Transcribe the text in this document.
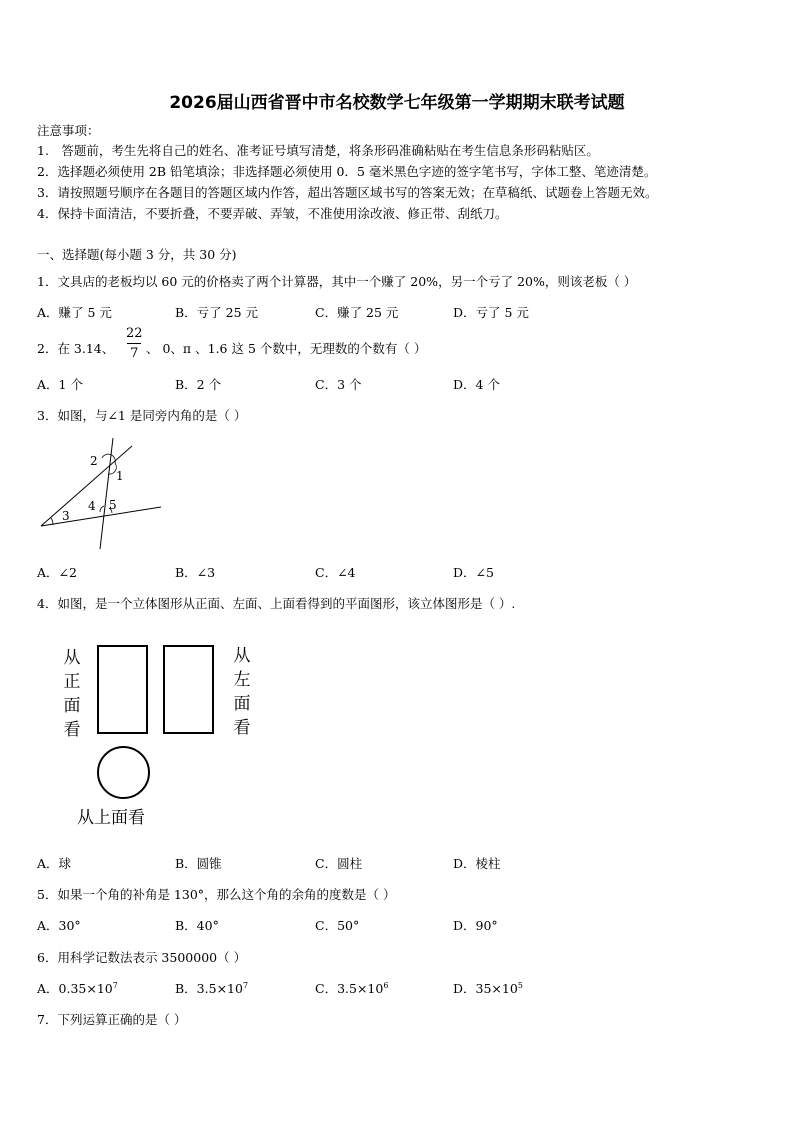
2026届山西省晋中市名校数学七年级第一学期期末联考试题
注意事项：
1.　答题前，考生先将自己的姓名、准考证号填写清楚，将条形码准确粘贴在考生信息条形码粘贴区。
2．选择题必须使用 2B 铅笔填涂；非选择题必须使用 0．5 毫米黑色字迹的签字笔书写，字体工整、笔迹清楚。
3．请按照题号顺序在各题目的答题区域内作答，超出答题区域书写的答案无效；在草稿纸、试题卷上答题无效。
4．保持卡面清洁，不要折叠，不要弄破、弄皱，不准使用涂改液、修正带、刮纸刀。
一、选择题(每小题 3 分，共 30 分)
1．文具店的老板均以 60 元的价格卖了两个计算器，其中一个赚了 20%，另一个亏了 20%，则该老板（ ）
A．赚了 5 元	B．亏了 25 元	C．赚了 25 元	D．亏了 5 元
2．在 3.14、
22
7 、 0、π 、1.6 这 5 个数中，无理数的个数有（ ）
A．1 个	B．2 个	C．3 个	D．4 个
3．如图，与∠1 是同旁内角的是（ ）
2
1
4 5
3
A．∠2	B．∠3	C．∠4	D．∠5
4．如图，是一个立体图形从正面、左面、上面看得到的平面图形，该立体图形是（ ）.
从正面看
从左面看
从上面看
A．球	B．圆锥	C．圆柱	D．棱柱
5．如果一个角的补角是 130°，那么这个角的余角的度数是（ ）
A．30°	B．40°	C．50°	D．90°
6．用科学记数法表示 3500000（ ）
A．$0.35\times 10^7$	B．$3.5\times 10^7$	C．$3.5\times 10^6$	D．$35\times 10^5$
7．下列运算正确的是（ ）
